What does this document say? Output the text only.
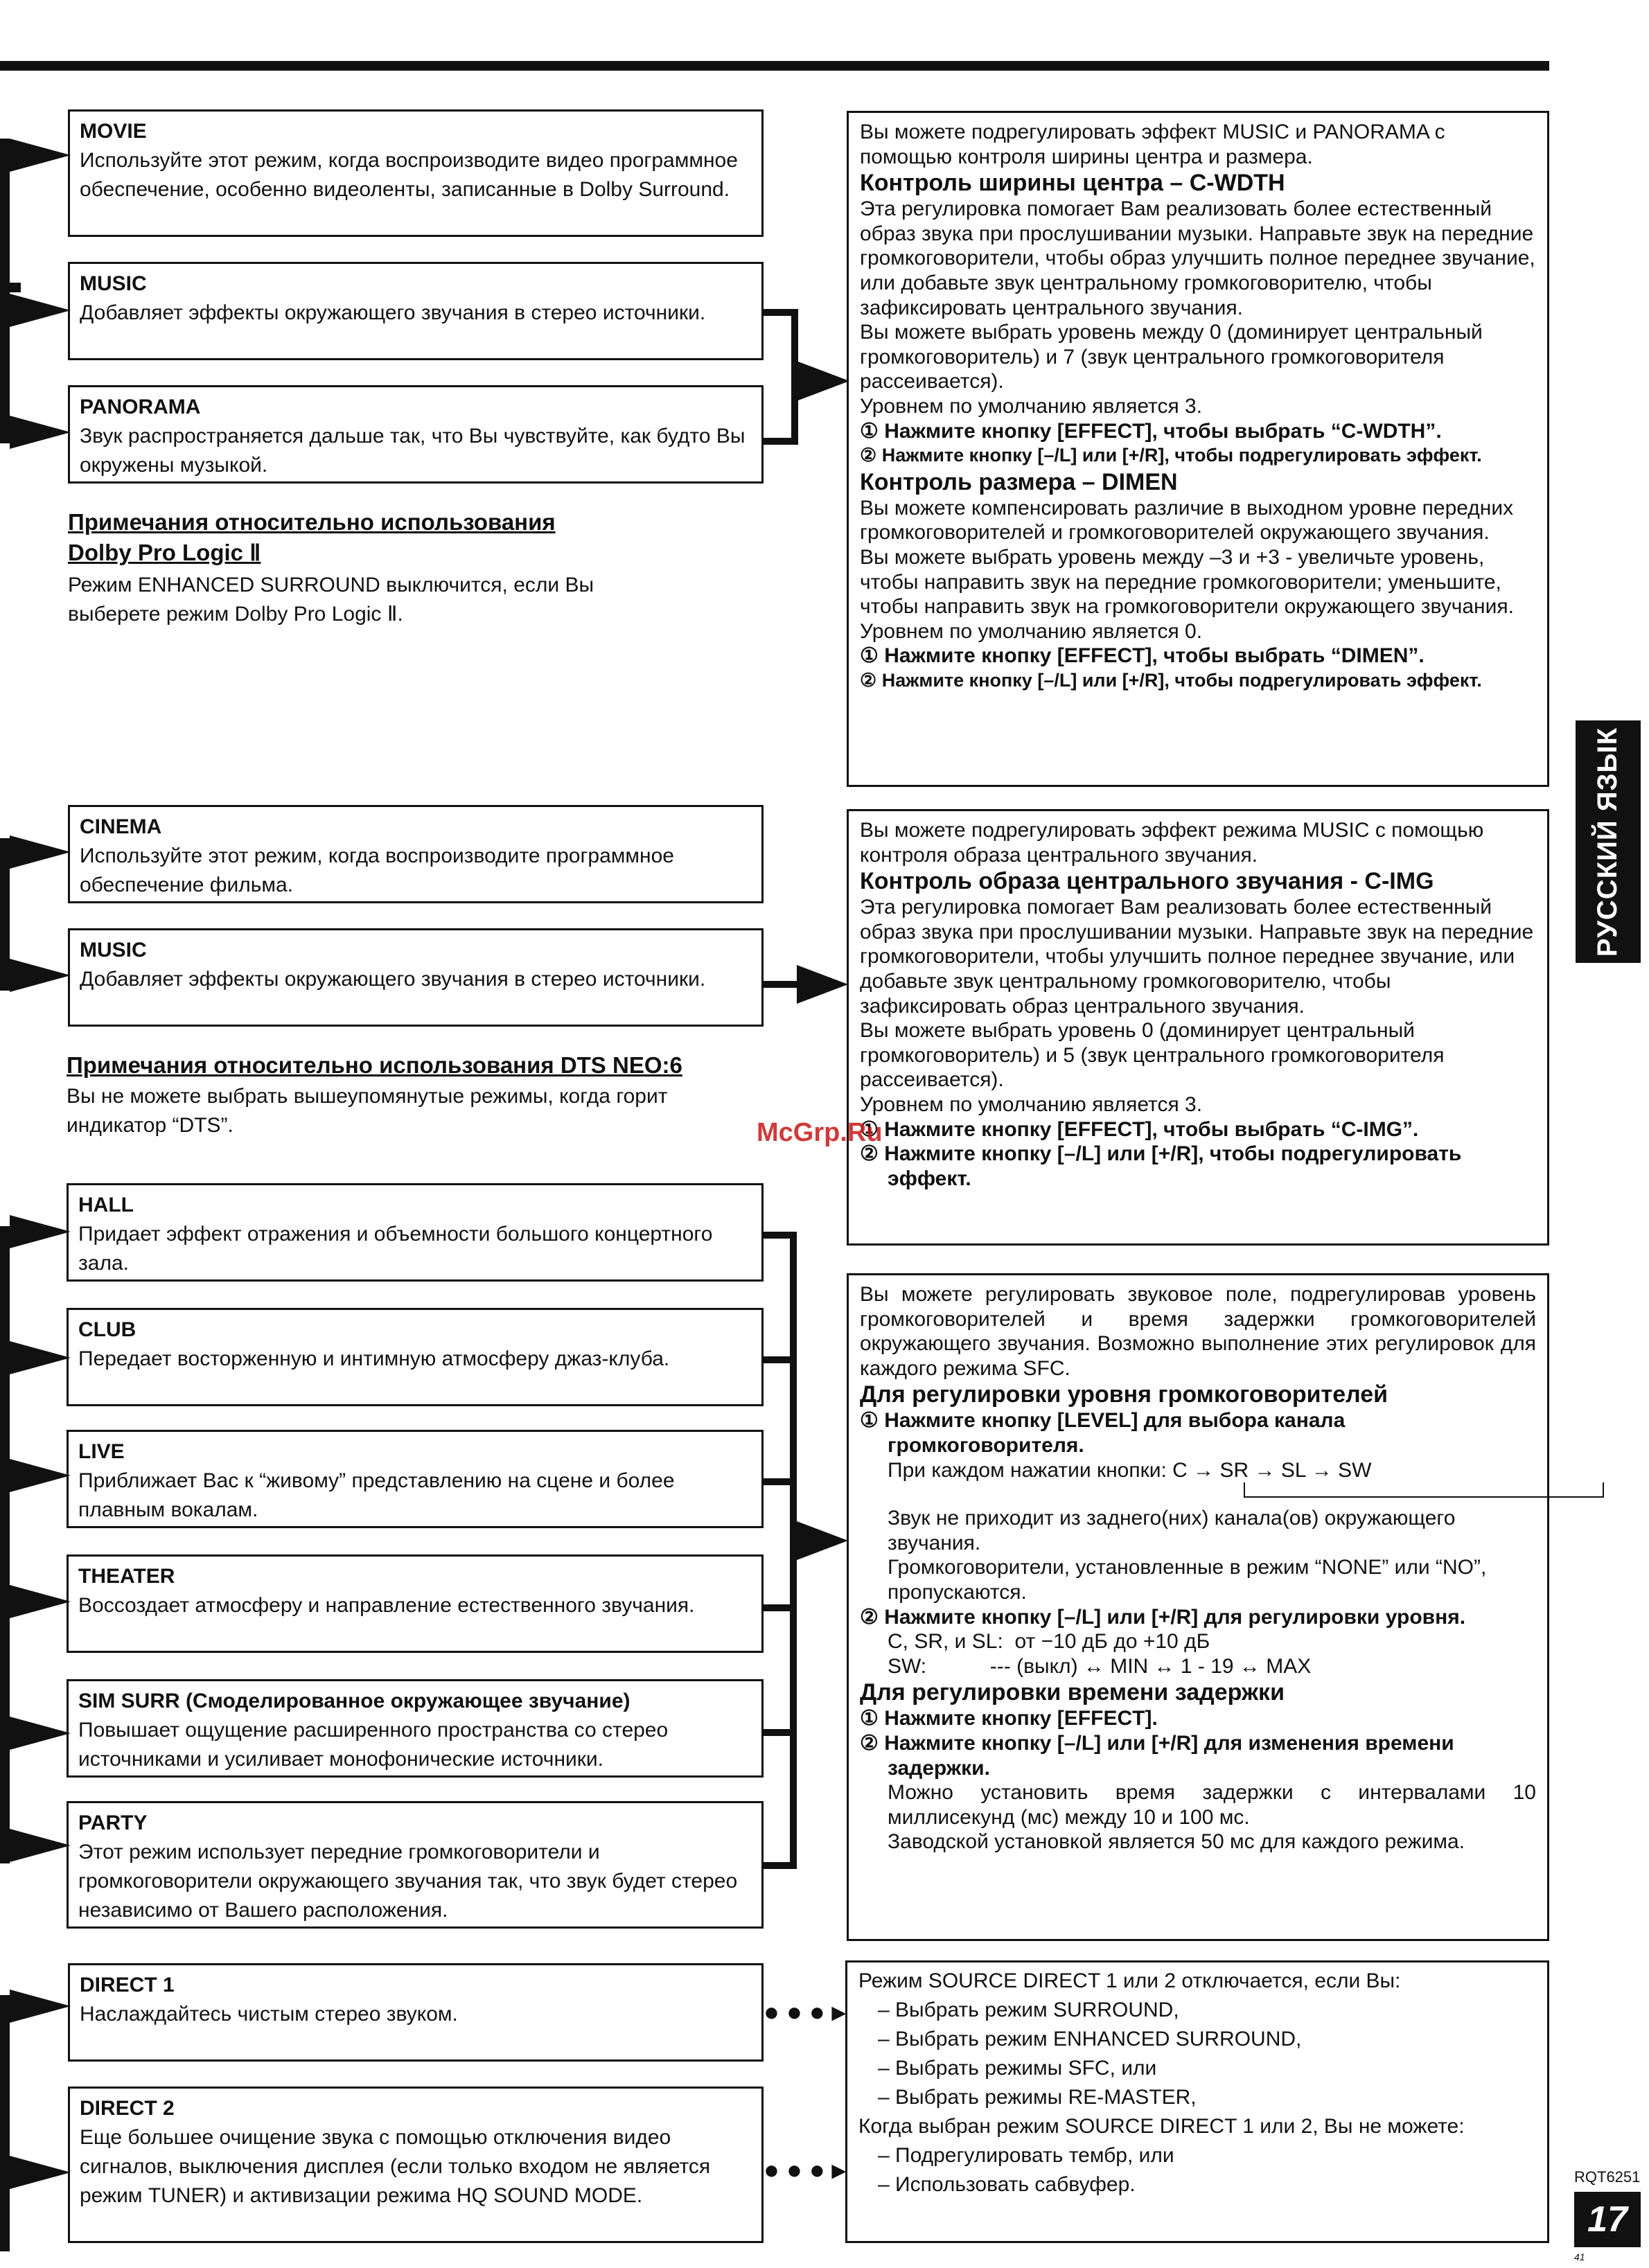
MOVIE
Используйте этот режим, когда воспроизводите видео программное обеспечение, особенно видеоленты, записанные в Dolby Surround.
MUSIC
Добавляет эффекты окружающего звучания в стерео источники.
PANORAMA
Звук распространяется дальше так, что Вы чувствуйте, как будто Вы окружены музыкой.
Примечания относительно использования
Dolby Pro Logic Ⅱ
Режим ENHANCED SURROUND выключится, если Вы выберете режим Dolby Pro Logic Ⅱ.
Вы можете подрегулировать эффект MUSIC и PANORAMA с помощью контроля ширины центра и размера.
Контроль ширины центра – C-WDTH
Эта регулировка помогает Вам реализовать более естественный образ звука при прослушивании музыки. Направьте звук на передние громкоговорители, чтобы образ улучшить полное переднее звучание, или добавьте звук центральному громкоговорителю, чтобы зафиксировать центрального звучания.
Вы можете выбрать уровень между 0 (доминирует центральный громкоговоритель) и 7 (звук центрального громкоговорителя рассеивается).
Уровнем по умолчанию является 3.
① Нажмите кнопку [EFFECT], чтобы выбрать “C-WDTH”.
② Нажмите кнопку [–/L] или [+/R], чтобы подрегулировать эффект.
Контроль размера – DIMEN
Вы можете компенсировать различие в выходном уровне передних громкоговорителей и громкоговорителей окружающего звучания.
Вы можете выбрать уровень между –3 и +3 - увеличьте уровень, чтобы направить звук на передние громкоговорители; уменьшите, чтобы направить звук на громкоговорители окружающего звучания.
Уровнем по умолчанию является 0.
① Нажмите кнопку [EFFECT], чтобы выбрать “DIMEN”.
② Нажмите кнопку [–/L] или [+/R], чтобы подрегулировать эффект.
CINEMA
Используйте этот режим, когда воспроизводите программное обеспечение фильма.
MUSIC
Добавляет эффекты окружающего звучания в стерео источники.
Примечания относительно использования DTS NEO:6
Вы не можете выбрать вышеупомянутые режимы, когда горит индикатор “DTS”.
Вы можете подрегулировать эффект режима MUSIC с помощью контроля образа центрального звучания.
Контроль образа центрального звучания - C-IMG
Эта регулировка помогает Вам реализовать более естественный образ звука при прослушивании музыки. Направьте звук на передние громкоговорители, чтобы улучшить полное переднее звучание, или добавьте звук центральному громкоговорителю, чтобы зафиксировать образ центрального звучания.
Вы можете выбрать уровень 0 (доминирует центральный громкоговоритель) и 5 (звук центрального громкоговорителя рассеивается).
Уровнем по умолчанию является 3.
① Нажмите кнопку [EFFECT], чтобы выбрать “C-IMG”.
② Нажмите кнопку [–/L] или [+/R], чтобы подрегулировать
эффект.
McGrp.Ru
HALL
Придает эффект отражения и объемности большого концертного зала.
CLUB
Передает восторженную и интимную атмосферу джаз-клуба.
LIVE
Приближает Вас к “живому” представлению на сцене и более плавным вокалам.
THEATER
Воссоздает атмосферу и направление естественного звучания.
SIM SURR (Смоделированное окружающее звучание)
Повышает ощущение расширенного пространства со стерео источниками и усиливает монофонические источники.
PARTY
Этот режим использует передние громкоговорители и громкоговорители окружающего звучания так, что звук будет стерео независимо от Вашего расположения.
Вы можете регулировать звуковое поле, подрегулировав уровень громкоговорителей и время задержки громкоговорителей окружающего звучания. Возможно выполнение этих регулировок для каждого режима SFC.
Для регулировки уровня громкоговорителей
① Нажмите кнопку [LEVEL] для выбора канала
громкоговорителя.
При каждом нажатии кнопки: C → SR → SL → SW
Звук не приходит из заднего(них) канала(ов) окружающего звучания.
Громкоговорители, установленные в режим “NONE” или “NO”, пропускаются.
② Нажмите кнопку [–/L] или [+/R] для регулировки уровня.
C, SR, и SL:  от −10 дБ до +10 дБ
SW:           --- (выкл) ↔ MIN ↔ 1 - 19 ↔ MAX
Для регулировки времени задержки
① Нажмите кнопку [EFFECT].
② Нажмите кнопку [–/L] или [+/R] для изменения времени
задержки.
Можно установить время задержки с интервалами 10 миллисекунд (мс) между 10 и 100 мс.
Заводской установкой является 50 мс для каждого режима.
DIRECT 1
Наслаждайтесь чистым стерео звуком.
DIRECT 2
Еще большее очищение звука с помощью отключения видео сигналов, выключения дисплея (если только входом не является режим TUNER) и активизации режима HQ SOUND MODE.
●●●▸
●●●▸
Режим SOURCE DIRECT 1 или 2 отключается, если Вы:
– Выбрать режим SURROUND,
– Выбрать режим ENHANCED SURROUND,
– Выбрать режимы SFC, или
– Выбрать режимы RE-MASTER,
Когда выбран режим SOURCE DIRECT 1 или 2, Вы не можете:
– Подрегулировать тембр, или
– Использовать сабвуфер.
РУССКИЙ ЯЗЫК
RQT6251
17
41
